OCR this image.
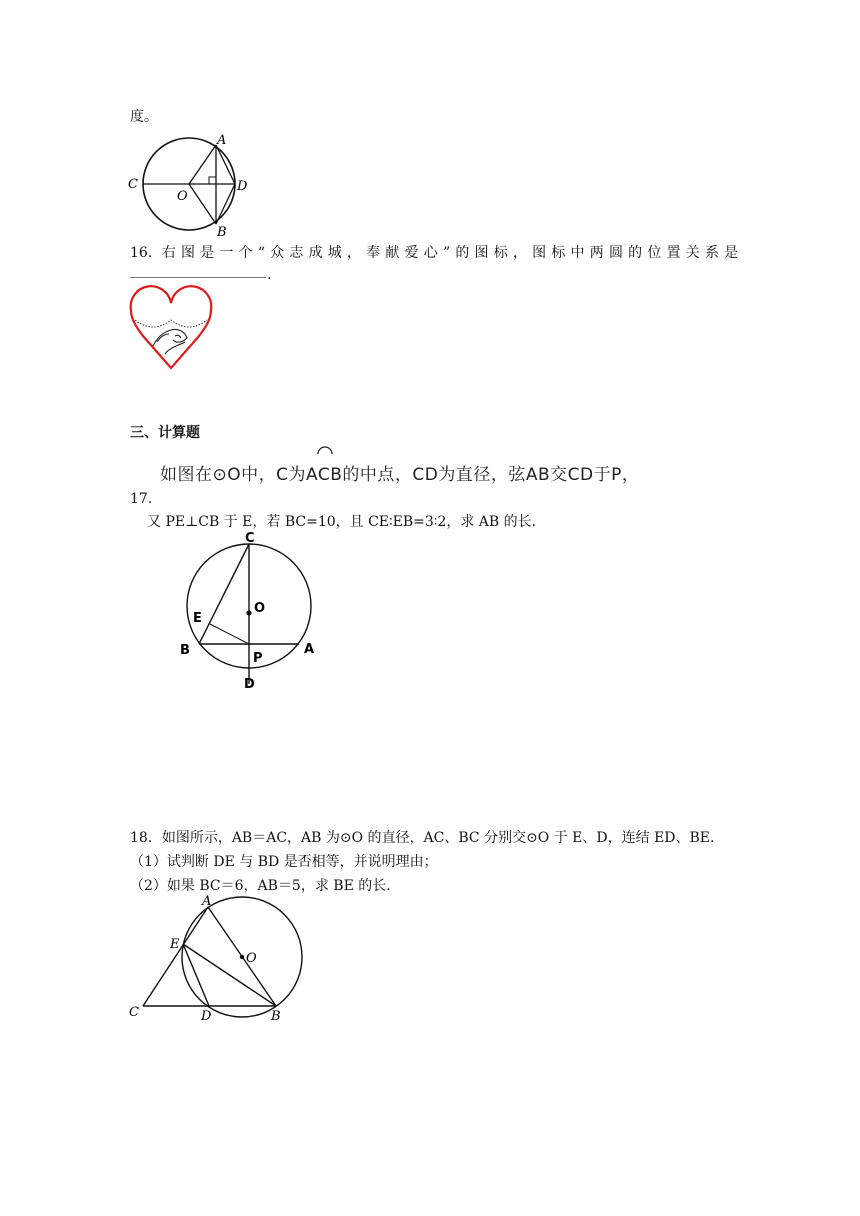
度。
A
B
C	D
O
16．右图是一个“众志成城，奉献爱心”的图标，图标中两圆的位置关系是
.
三、计算题
如图在⊙O中，C为ACB的中点，CD为直径，弦AB交CD于P，
17．
又 PE⊥CB 于 E，若 BC=10，且 CE∶EB=3∶2，求 AB 的长.
C
O
E
B
P
A
D
18．如图所示，AB＝AC，AB 为⊙O 的直径，AC、BC 分别交⊙O 于 E、D，连结 ED、BE.
（1）试判断 DE 与 BD 是否相等，并说明理由；
（2）如果 BC＝6，AB＝5，求 BE 的长.
A
E
O
C	D	B
